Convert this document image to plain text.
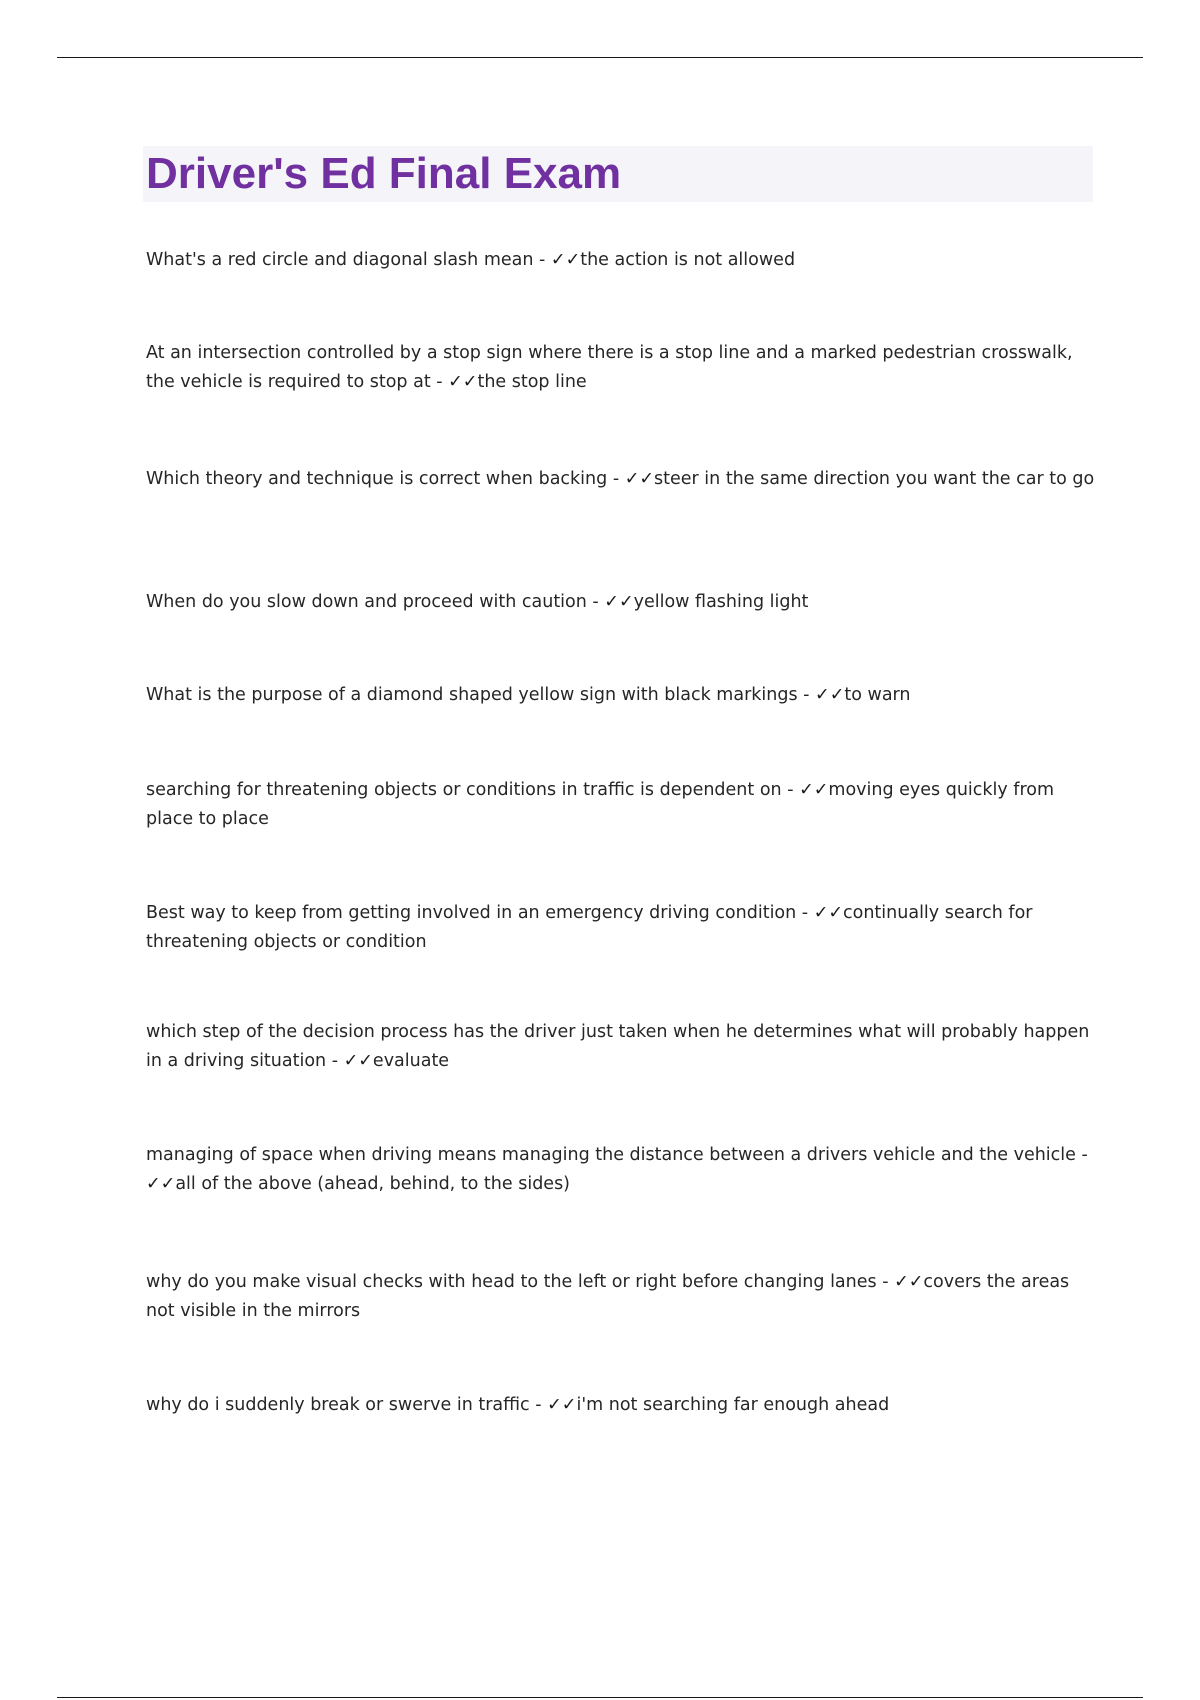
Driver's Ed Final Exam

What's a red circle and diagonal slash mean - ✓✓the action is not allowed

At an intersection controlled by a stop sign where there is a stop line and a marked pedestrian crosswalk, the vehicle is required to stop at - ✓✓the stop line

Which theory and technique is correct when backing - ✓✓steer in the same direction you want the car to go

When do you slow down and proceed with caution - ✓✓yellow flashing light

What is the purpose of a diamond shaped yellow sign with black markings - ✓✓to warn

searching for threatening objects or conditions in traffic is dependent on - ✓✓moving eyes quickly from place to place

Best way to keep from getting involved in an emergency driving condition - ✓✓continually search for threatening objects or condition

which step of the decision process has the driver just taken when he determines what will probably happen in a driving situation - ✓✓evaluate

managing of space when driving means managing the distance between a drivers vehicle and the vehicle - ✓✓all of the above (ahead, behind, to the sides)

why do you make visual checks with head to the left or right before changing lanes - ✓✓covers the areas not visible in the mirrors

why do i suddenly break or swerve in traffic - ✓✓i'm not searching far enough ahead
